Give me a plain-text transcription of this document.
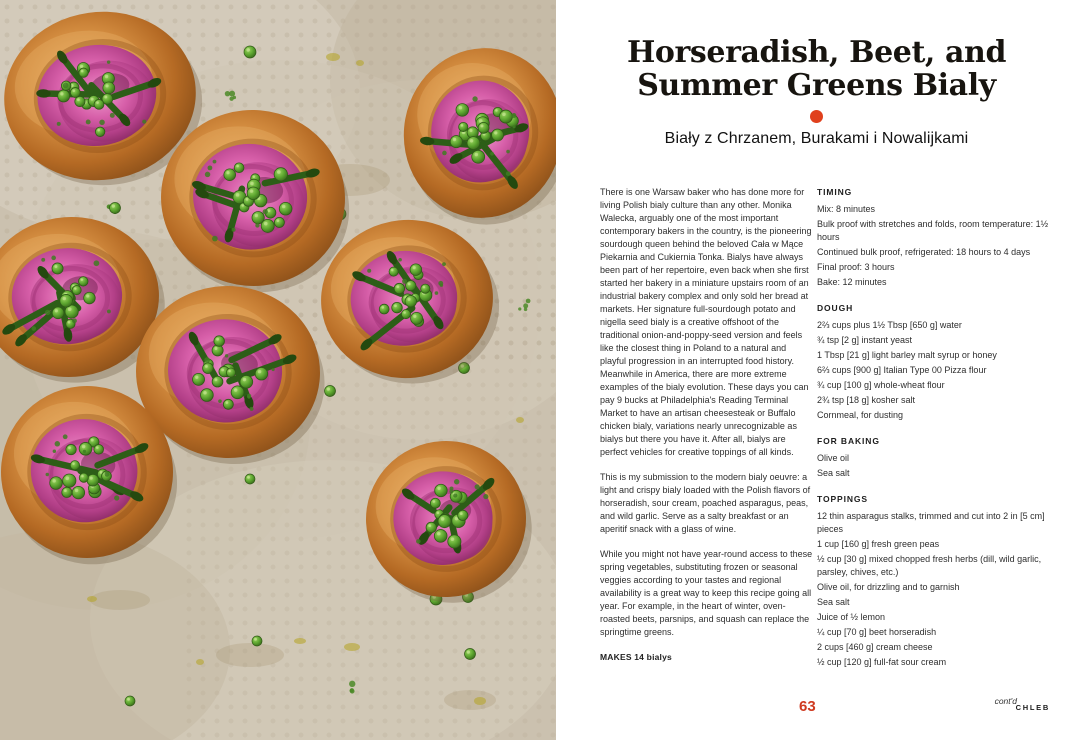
Horseradish, Beet, and
Summer Greens Bialy
Biały z Chrzanem, Burakami i Nowalijkami

There is one Warsaw baker who has done more for living Polish bialy culture than any other. Monika Walecka, arguably one of the most important contemporary bakers in the country, is the pioneering sourdough queen behind the beloved Cała w Mące Piekarnia and Cukiernia Tonka. Bialys have always been part of her repertoire, even back when she first started her bakery in a miniature upstairs room of an industrial bakery complex and only sold her bread at markets. Her signature full-sourdough potato and nigella seed bialy is a creative offshoot of the traditional onion-and-poppy-seed version and feels like the closest thing in Poland to a natural and playful progression in an interrupted food history. Meanwhile in America, there are more extreme examples of the bialy evolution. These days you can pay 9 bucks at Philadelphia's Reading Terminal Market to have an artisan cheesesteak or Buffalo chicken bialy, variations nearly unrecognizable as bialys but there you have it. After all, bialys are perfect vehicles for creative toppings of all kinds.

This is my submission to the modern bialy oeuvre: a light and crispy bialy loaded with the Polish flavors of horseradish, sour cream, poached asparagus, peas, and wild garlic. Serve as a salty breakfast or an aperitif snack with a glass of wine.

While you might not have year-round access to these spring vegetables, substituting frozen or seasonal veggies according to your tastes and regional availability is a great way to keep this recipe going all year. For example, in the heart of winter, oven-roasted beets, parsnips, and squash can replace the springtime greens.

MAKES 14 bialys
TIMING
Mix: 8 minutes
Bulk proof with stretches and folds, room temperature: 1½ hours
Continued bulk proof, refrigerated: 18 hours to 4 days
Final proof: 3 hours
Bake: 12 minutes
DOUGH
2⅔ cups plus 1½ Tbsp [650 g] water
¾ tsp [2 g] instant yeast
1 Tbsp [21 g] light barley malt syrup or honey
6⅔ cups [900 g] Italian Type 00 Pizza flour
¾ cup [100 g] whole-wheat flour
2¾ tsp [18 g] kosher salt
Cornmeal, for dusting
FOR BAKING
Olive oil
Sea salt
TOPPINGS
12 thin asparagus stalks, trimmed and cut into 2 in [5 cm] pieces
1 cup [160 g] fresh green peas
½ cup [30 g] mixed chopped fresh herbs (dill, wild garlic, parsley, chives, etc.)
Olive oil, for drizzling and to garnish
Sea salt
Juice of ½ lemon
¼ cup [70 g] beet horseradish
2 cups [460 g] cream cheese
½ cup [120 g] full-fat sour cream
cont'd
63	CHLEB
